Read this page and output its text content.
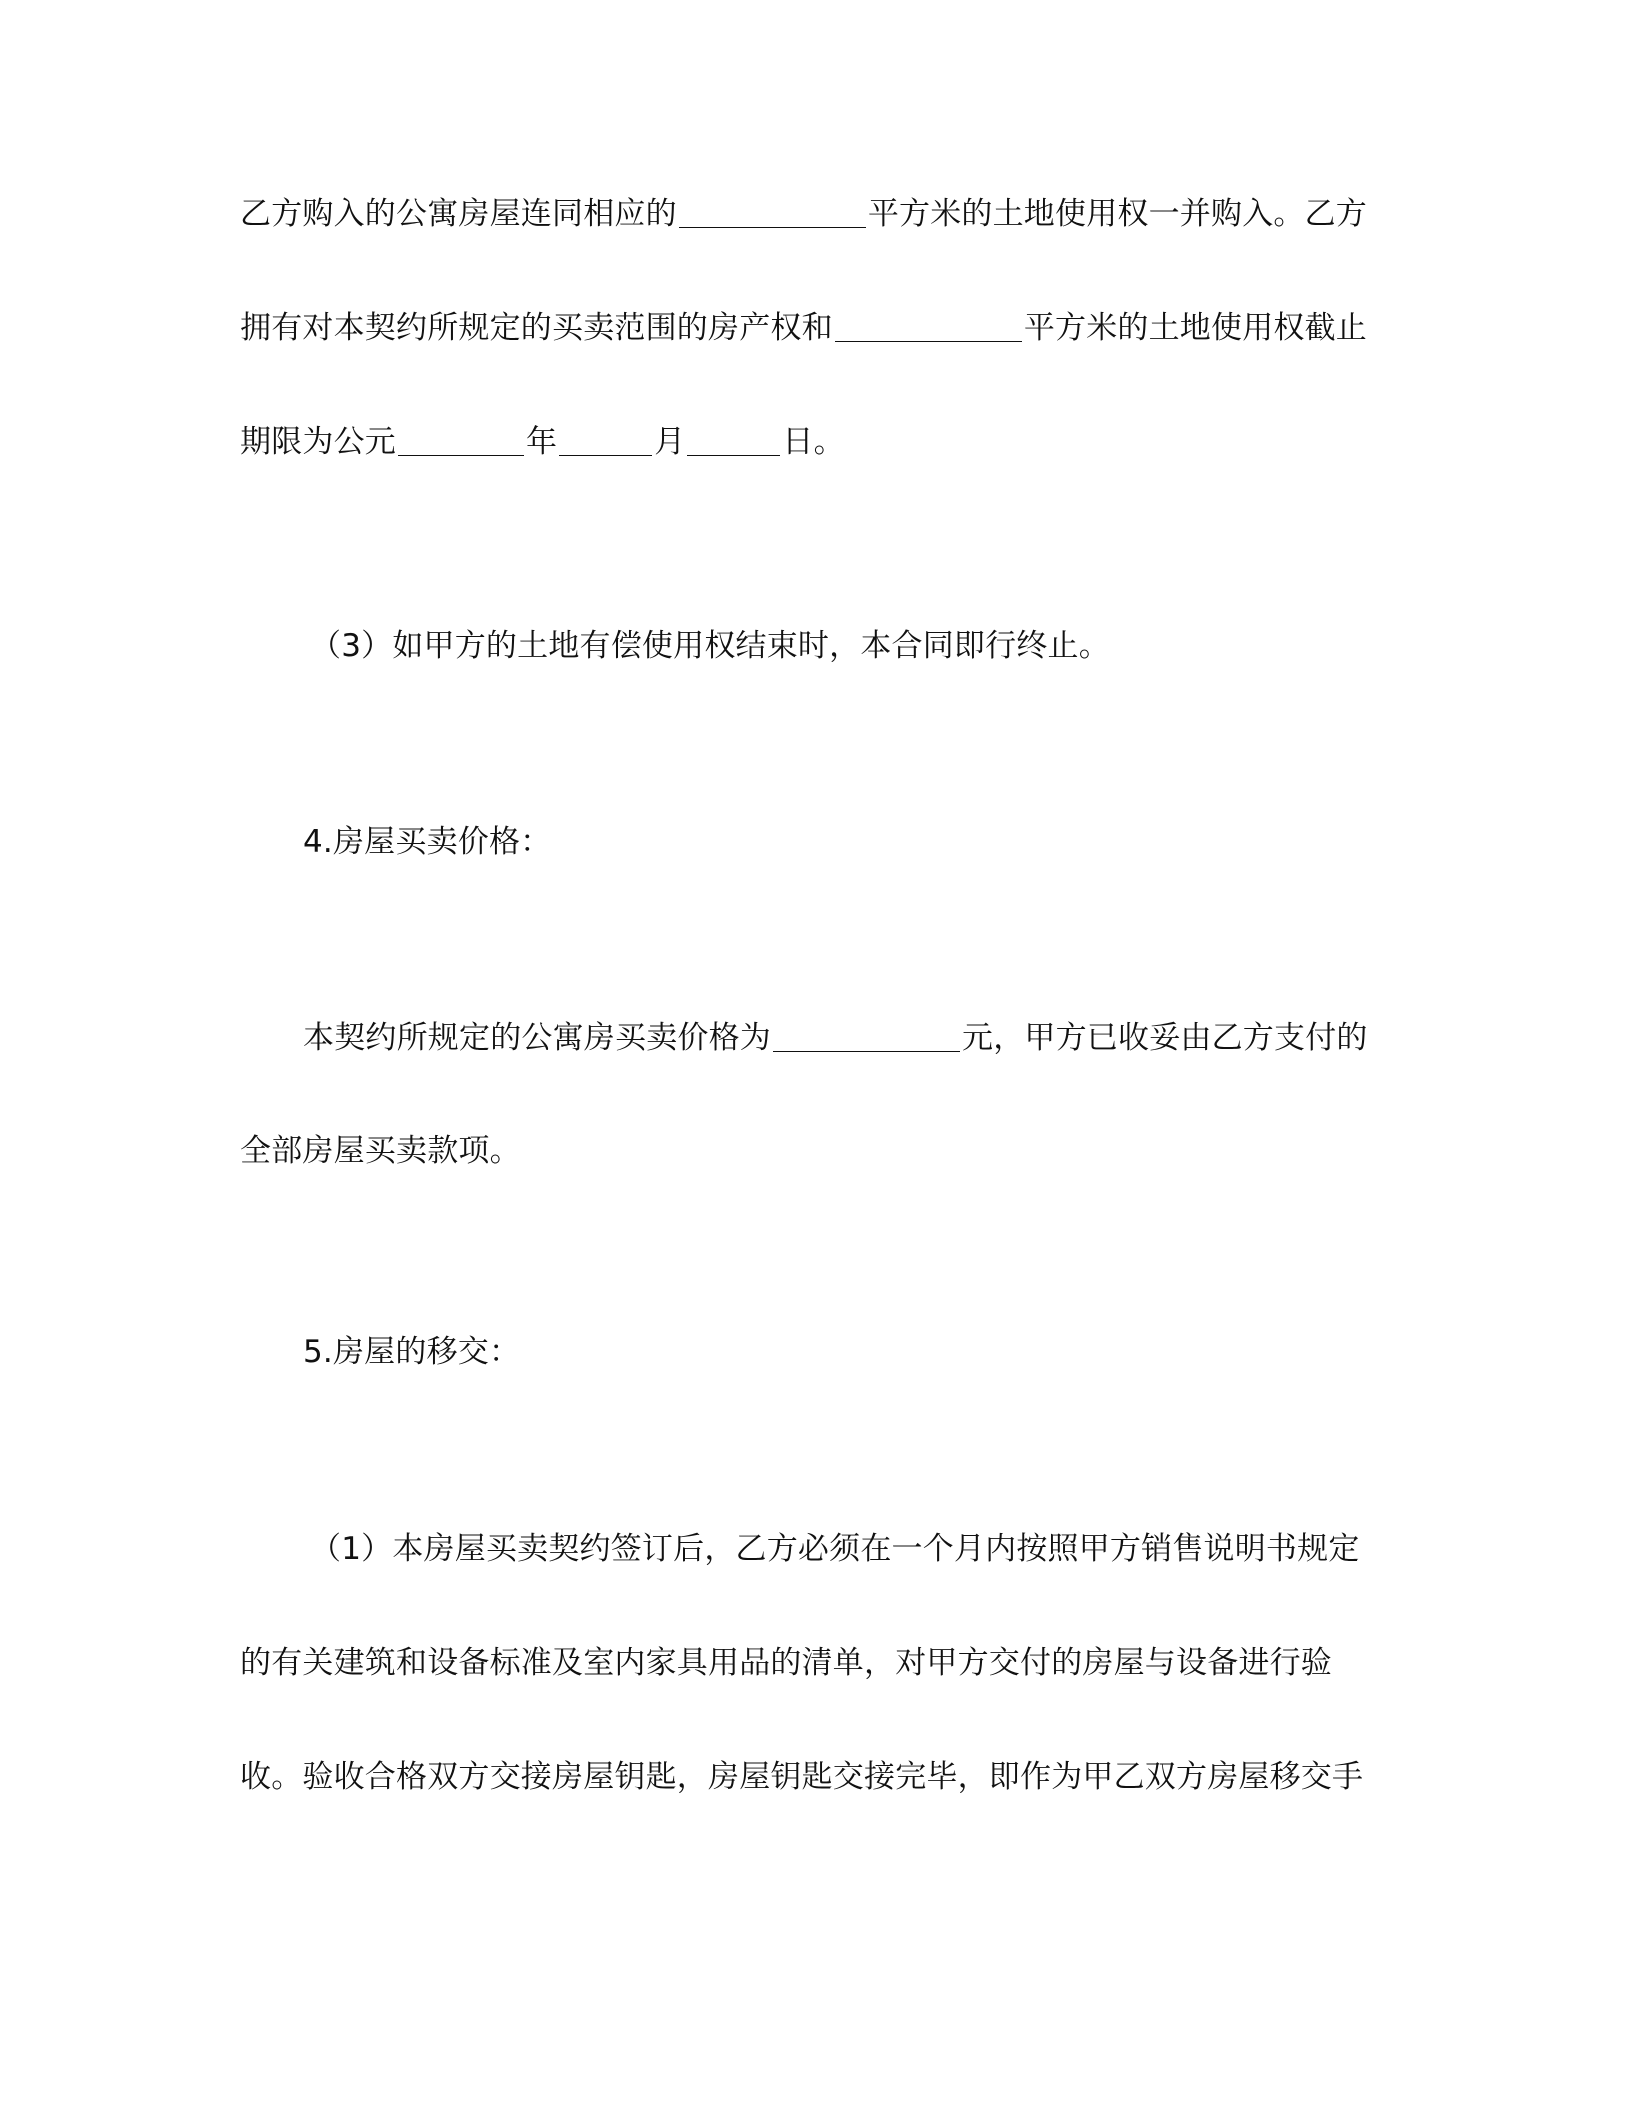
乙方购入的公寓房屋连同相应的	平方米的土地使用权一并购入。乙方
拥有对本契约所规定的买卖范围的房产权和	平方米的土地使用权截止
期限为公元	年	月	日。
（3）如甲方的土地有偿使用权结束时，本合同即行终止。
4.房屋买卖价格：
本契约所规定的公寓房买卖价格为	元，甲方已收妥由乙方支付的
全部房屋买卖款项。
5.房屋的移交：
（1）本房屋买卖契约签订后，乙方必须在一个月内按照甲方销售说明书规定
的有关建筑和设备标准及室内家具用品的清单，对甲方交付的房屋与设备进行验
收。验收合格双方交接房屋钥匙，房屋钥匙交接完毕，即作为甲乙双方房屋移交手
